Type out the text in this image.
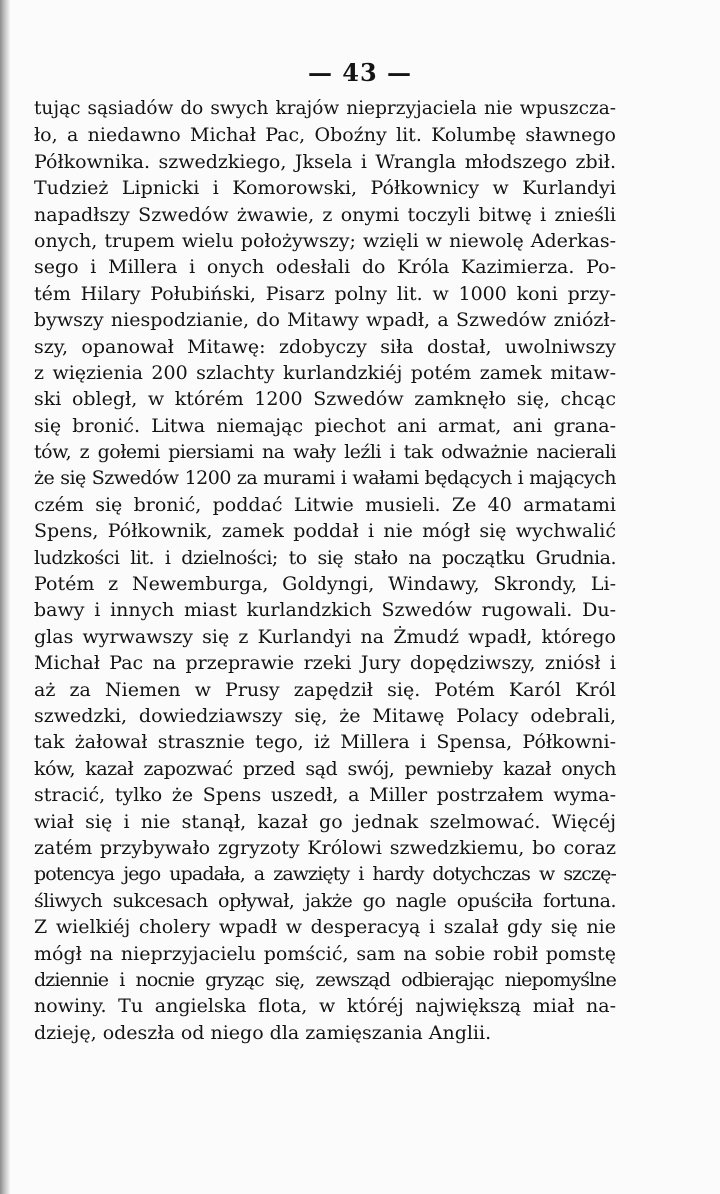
— 43 —
tując sąsiadów do swych krajów nieprzyjaciela nie wpuszcza-
ło, a niedawno Michał Pac, Oboźny lit. Kolumbę sławnego
Półkownika. szwedzkiego, Jksela i Wrangla młodszego zbił.
Tudzież Lipnicki i Komorowski, Półkownicy w Kurlandyi
napadłszy Szwedów żwawie, z onymi toczyli bitwę i znieśli
onych, trupem wielu położywszy; wzięli w niewolę Aderkas-
sego i Millera i onych odesłali do Króla Kazimierza. Po-
tém Hilary Połubiński, Pisarz polny lit. w 1000 koni przy-
bywszy niespodzianie, do Mitawy wpadł, a Szwedów zniózł-
szy, opanował Mitawę: zdobyczy siła dostał, uwolniwszy
z więzienia 200 szlachty kurlandzkiéj potém zamek mitaw-
ski obległ, w którém 1200 Szwedów zamknęło się, chcąc
się bronić. Litwa niemając piechot ani armat, ani grana-
tów, z gołemi piersiami na wały leźli i tak odważnie nacierali
że się Szwedów 1200 za murami i wałami będących i mających
czém się bronić, poddać Litwie musieli. Ze 40 armatami
Spens, Półkownik, zamek poddał i nie mógł się wychwalić
ludzkości lit. i dzielności; to się stało na początku Grudnia.
Potém z Newemburga, Goldyngi, Windawy, Skrondy, Li-
bawy i innych miast kurlandzkich Szwedów rugowali. Du-
glas wyrwawszy się z Kurlandyi na Żmudź wpadł, którego
Michał Pac na przeprawie rzeki Jury dopędziwszy, zniósł i
aż za Niemen w Prusy zapędził się. Potém Karól Król
szwedzki, dowiedziawszy się, że Mitawę Polacy odebrali,
tak żałował strasznie tego, iż Millera i Spensa, Półkowni-
ków, kazał zapozwać przed sąd swój, pewnieby kazał onych
stracić, tylko że Spens uszedł, a Miller postrzałem wyma-
wiał się i nie stanął, kazał go jednak szelmować. Więcéj
zatém przybywało zgryzoty Królowi szwedzkiemu, bo coraz
potencya jego upadała, a zawzięty i hardy dotychczas w szczę-
śliwych sukcesach opływał, jakże go nagle opuściła fortuna.
Z wielkiéj cholery wpadł w desperacyą i szalał gdy się nie
mógł na nieprzyjacielu pomścić, sam na sobie robił pomstę
dziennie i nocnie gryząc się, zewsząd odbierając niepomyślne
nowiny. Tu angielska flota, w któréj największą miał na-
dzieję, odeszła od niego dla zamięszania Anglii.
